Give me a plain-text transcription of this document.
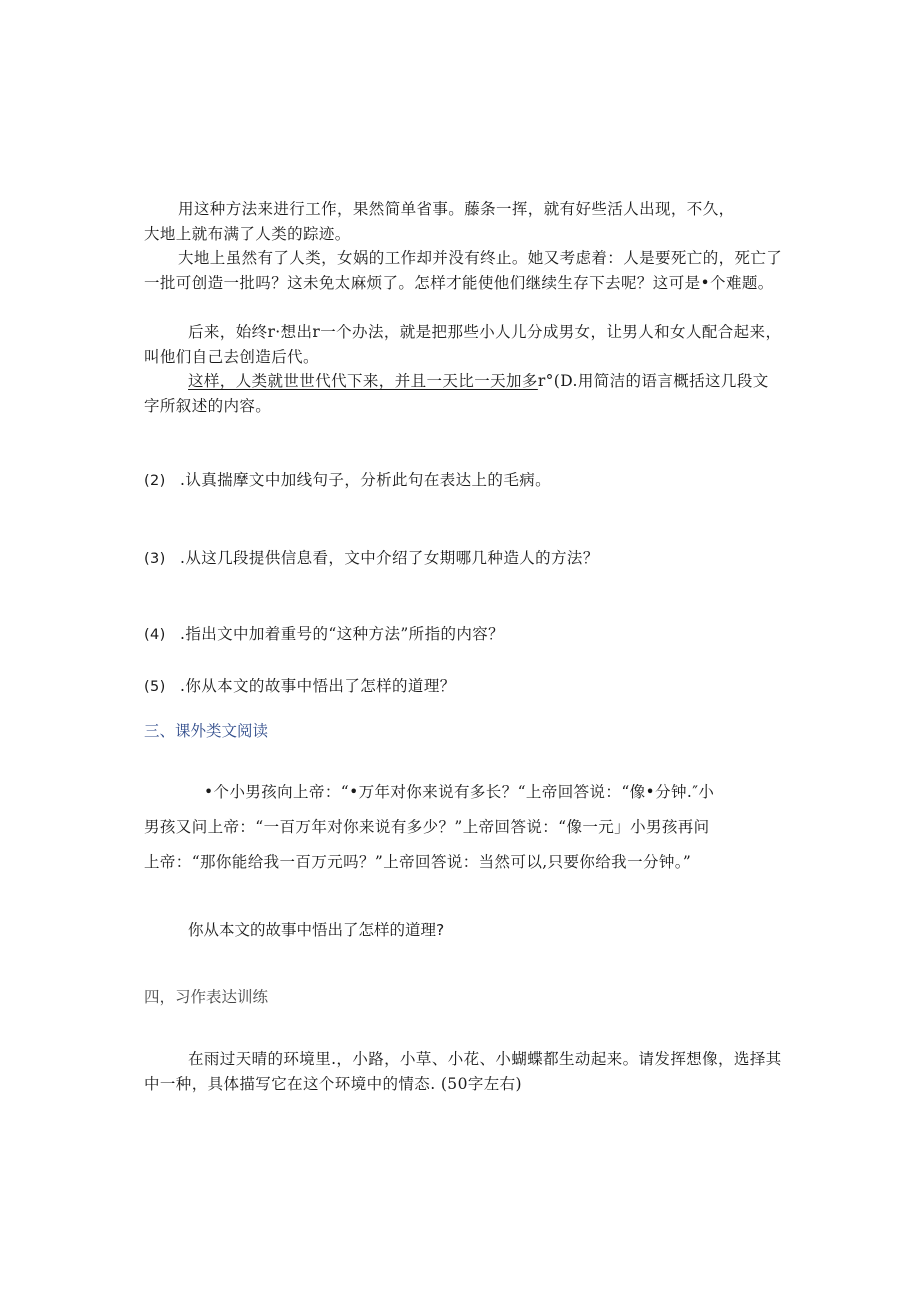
用这种方法来进行工作，果然简单省事。藤条一挥，就有好些活人出现，不久，

大地上就布满了人类的踪迹。

大地上虽然有了人类，女娲的工作却并没有终止。她又考虑着：人是要死亡的，死亡了一批可创造一批吗？这未免太麻烦了。怎样才能使他们继续生存下去呢？这可是•个难题。
后来，始终r·想出r一个办法，就是把那些小人儿分成男女，让男人和女人配合起来，叫他们自己去创造后代。
这样，人类就世世代代下来，并且一天比一天加多r°(D.用简洁的语言概括这几段文字所叙述的内容。
(2) .认真揣摩文中加线句子，分析此句在表达上的毛病。
(3) .从这几段提供信息看，文中介绍了女期哪几种造人的方法？
(4) .指出文中加着重号的“这种方法”所指的内容？
(5) .你从本文的故事中悟出了怎样的道理？
三、课外类文阅读

•个小男孩向上帝：“•万年对你来说有多长？“上帝回答说：“像•分钟.″小

男孩又问上帝：“一百万年对你来说有多少？”上帝回答说：“像一元」小男孩再问

上帝：“那你能给我一百万元吗？”上帝回答说：当然可以,只要你给我一分钟。”

你从本文的故事中悟出了怎样的道理?
四，习作表达训练
在雨过天晴的环境里.，小路，小草、小花、小蝴蝶都生动起来。请发挥想像，选择其中一种，具体描写它在这个环境中的情态. (50字左右)
